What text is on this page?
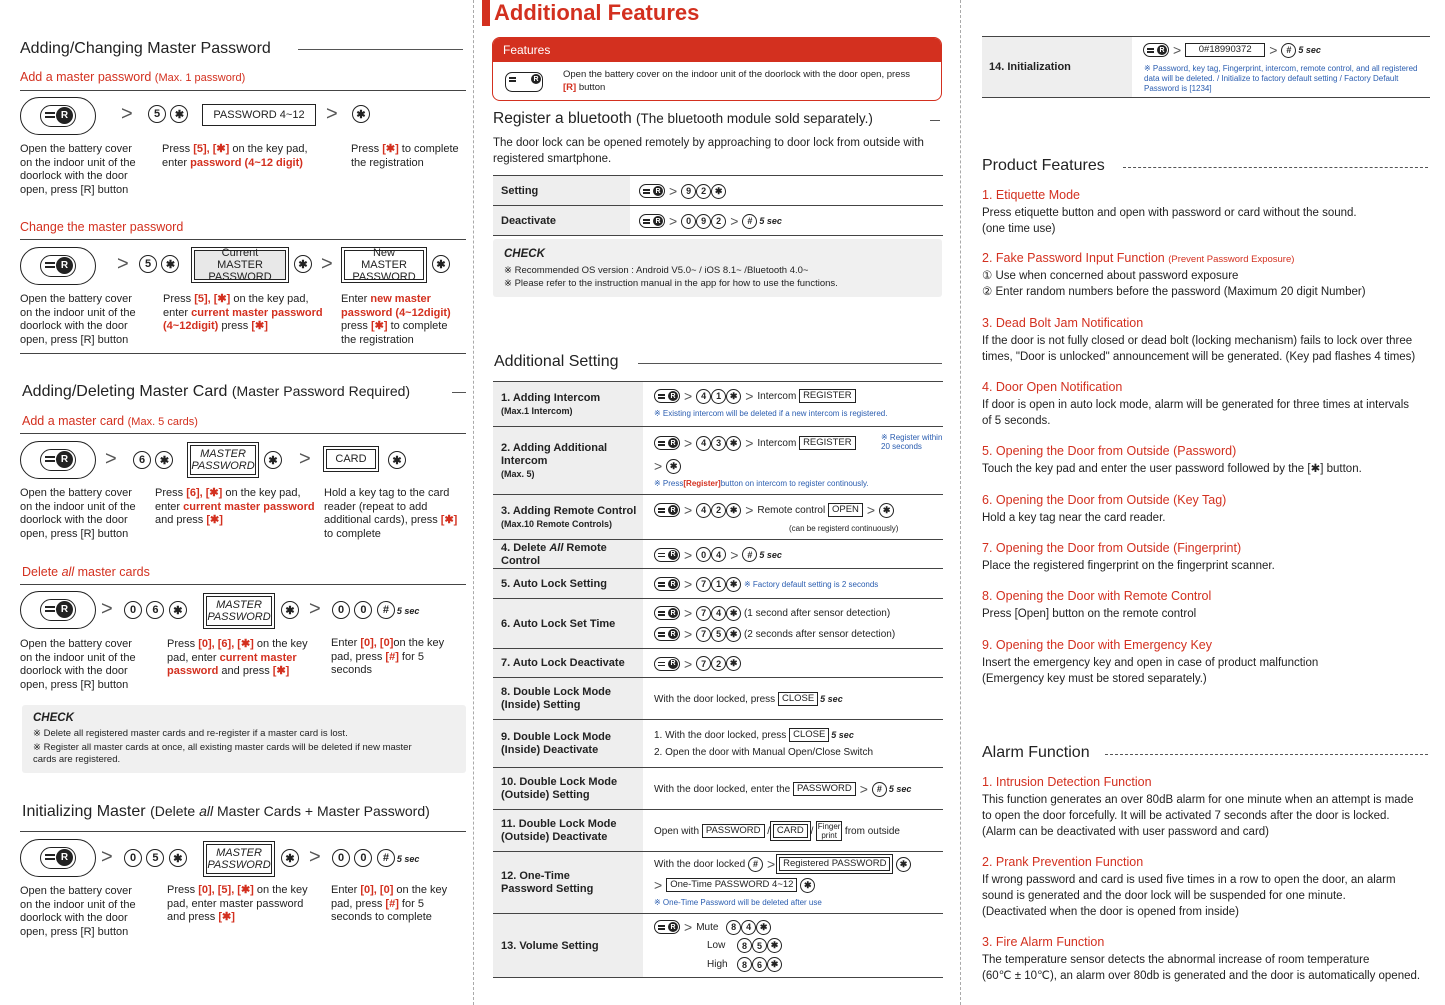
Adding/Changing Master Password
Add a master password (Max. 1 password)
R
>	5 ✱	PASSWORD 4~12	>	✱
Open the battery cover on the indoor unit of the doorlock with the door open, press [R] button
Press [5], [✱] on the key pad, enter password (4~12 digit)
Press [✱] to complete the registration
Change the master password
R
>	5 ✱
Current MASTER PASSWORD
✱ >	New MASTER PASSWORD
✱
Open the battery cover on the indoor unit of the doorlock with the door open, press [R] button
Press [5], [✱] on the key pad, enter current master password (4~12digit) press [✱]
Enter new master password (4~12digit) press [✱] to complete the registration
Adding/Deleting Master Card (Master Password Required)
Add a master card (Max. 5 cards)
R
>	6 ✱
MASTER PASSWORD	✱ >	CARD	✱
Open the battery cover on the indoor unit of the doorlock with the door open, press [R] button
Press [6], [✱] on the key pad, enter current master password and press [✱]
Hold a key tag to the card reader (repeat to add additional cards), press [✱] to complete
Delete all master cards
R
>	0 6 ✱	MASTER PASSWORD
✱ >	0 0 # 5 sec
Open the battery cover on the indoor unit of the doorlock with the door open, press [R] button
Press [0], [6], [✱] on the key pad, enter current master password and press [✱]
Enter [0], [0]on the key pad, press [#] for 5 seconds
CHECK
※ Delete all registered master cards and re-register if a master card is lost.
※ Register all master cards at once, all existing master cards will be deleted if new master cards are registered.
Initializing Master (Delete all Master Cards + Master Password)
R
>	0 5 ✱	MASTER PASSWORD
✱ >	0 0 # 5 sec
Open the battery cover on the indoor unit of the doorlock with the door open, press [R] button
Press [0], [5], [✱] on the key pad, enter master password and press [✱]
Enter [0], [0] on the key pad, press [#] for 5 seconds to complete
Additional Features
Features
R
Open the battery cover on the indoor unit of the doorlock with the door open, press [R] button
Register a bluetooth (The bluetooth module sold separately.)
The door lock can be opened remotely by approaching to door lock from outside with registered smartphone.
Setting R	> 9	2 ✱
Deactivate R	> 0	9	2 > # 5 sec
CHECK
※ Recommended OS version : Android V5.0~ / iOS 8.1~ /Bluetooth 4.0~
※ Please refer to the instruction manual in the app for how to use the functions.
Additional Setting
1. Adding Intercom
(Max.1 Intercom)
R
> 4	1 ✱ > Intercom
REGISTER
※ Existing intercom will be deleted if a new intercom is registered.
2. Adding Additional Intercom
(Max. 5)
R
> 4	3 ✱ > Intercom
REGISTER	※ Register within 20 seconds
> ✱
※ Press [Register] button on intercom to register continously.
3. Adding Remote Control
(Max.10 Remote Controls)
R
> 4	2 ✱ > Remote control
OPEN > ✱
(can be registerd continuously)
4. Delete All Remote Control R	> 0	4 > # 5 sec
5. Auto Lock Setting R	> 7	1 ✱
※ Factory default setting is 2 seconds
6. Auto Lock Set Time
R
> 7	4 ✱
(1 second after sensor detection)
R
> 7	5 ✱
(2 seconds after sensor detection)
7. Auto Lock Deactivate R	> 7	2 ✱
8. Double Lock Mode (Inside) Setting	With the door locked, press
CLOSE 5 sec
9. Double Lock Mode (Inside) Deactivate
1. With the door locked, press
CLOSE 5 sec
2. Open the door with Manual Open/Close Switch
10. Double Lock Mode (Outside) Setting	With the door locked, enter the
PASSWORD > # 5 sec
11. Double Lock Mode (Outside) Deactivate	Open with
PASSWORD / CARD / Finger print
from outside
12. One-Time Password Setting
With the door locked
# > Registered PASSWORD
	✱
> One-Time PASSWORD 4~12
	✱
※ One-Time Password will be deleted after use
13. Volume Setting
R
> Mute	8	4 ✱
Low	8	5 ✱
High	8	6 ✱
14. Initialization
R
>	0#18990372	> # 5 sec
※ Password, key tag, Fingerprint, intercom, remote control, and all registered data will be deleted. / Initialize to factory default setting / Factory Default Password is [1234]
Product Features
1. Etiquette Mode
Press etiquette button and open with password or card without the sound.
(one time use)
2. Fake Password Input Function (Prevent Password Exposure)
① Use when concerned about password exposure
② Enter random numbers before the password (Maximum 20 digit Number)
3. Dead Bolt Jam Notification
If the door is not fully closed or dead bolt (locking mechanism) fails to lock over three
times, "Door is unlocked" announcement will be generated. (Key pad flashes 4 times)
4. Door Open Notification
If door is open in auto lock mode, alarm will be generated for three times at intervals
of 5 seconds.
5. Opening the Door from Outside (Password)
Touch the key pad and enter the user password followed by the [✱] button.
6. Opening the Door from Outside (Key Tag)
Hold a key tag near the card reader.
7. Opening the Door from Outside (Fingerprint)
Place the registered fingerprint on the fingerprint scanner.
8. Opening the Door with Remote Control
Press [Open] button on the remote control
9. Opening the Door with Emergency Key
Insert the emergency key and open in case of product malfunction
(Emergency key must be stored separately.)
Alarm Function
1. Intrusion Detection Function
This function generates an over 80dB alarm for one minute when an attempt is made
to open the door forcefully. It will be activated 7 seconds after the door is locked.
(Alarm can be deactivated with user password and card)
2. Prank Prevention Function
If wrong password and card is used five times in a row to open the door, an alarm
sound is generated and the door lock will be suspended for one minute.
(Deactivated when the door is opened from inside)
3. Fire Alarm Function
The temperature sensor detects the abnormal increase of room temperature
(60℃ ± 10℃), an alarm over 80db is generated and the door is automatically opened.
